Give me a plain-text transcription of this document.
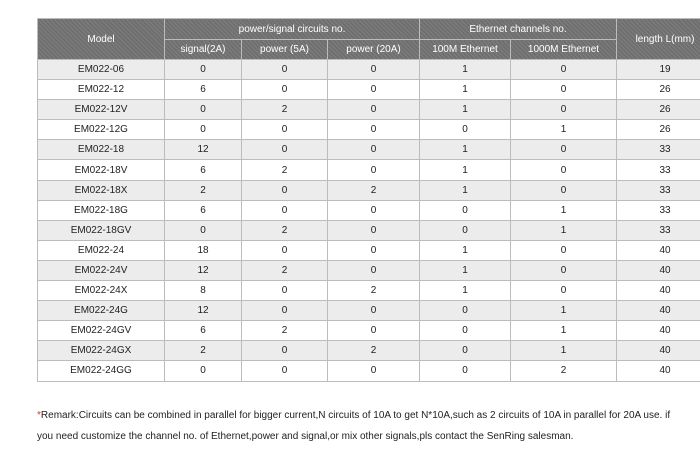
Model	power/signal circuits no.			Ethernet channels no.		length L(mm)
	signal(2A)	power (5A)	power (20A)	100M Ethernet	1000M Ethernet	
EM022-06	0	0	0	1	0	19
EM022-12	6	0	0	1	0	26
EM022-12V	0	2	0	1	0	26
EM022-12G	0	0	0	0	1	26
EM022-18	12	0	0	1	0	33
EM022-18V	6	2	0	1	0	33
EM022-18X	2	0	2	1	0	33
EM022-18G	6	0	0	0	1	33
EM022-18GV	0	2	0	0	1	33
EM022-24	18	0	0	1	0	40
EM022-24V	12	2	0	1	0	40
EM022-24X	8	0	2	1	0	40
EM022-24G	12	0	0	0	1	40
EM022-24GV	6	2	0	0	1	40
EM022-24GX	2	0	2	0	1	40
EM022-24GG	0	0	0	0	2	40
*Remark:Circuits can be combined in parallel for bigger current,N circuits of 10A to get N*10A,such as 2 circuits of 10A in parallel for 20A use. if
you need customize the channel no. of Ethernet,power and signal,or mix other signals,pls contact the SenRing salesman.
